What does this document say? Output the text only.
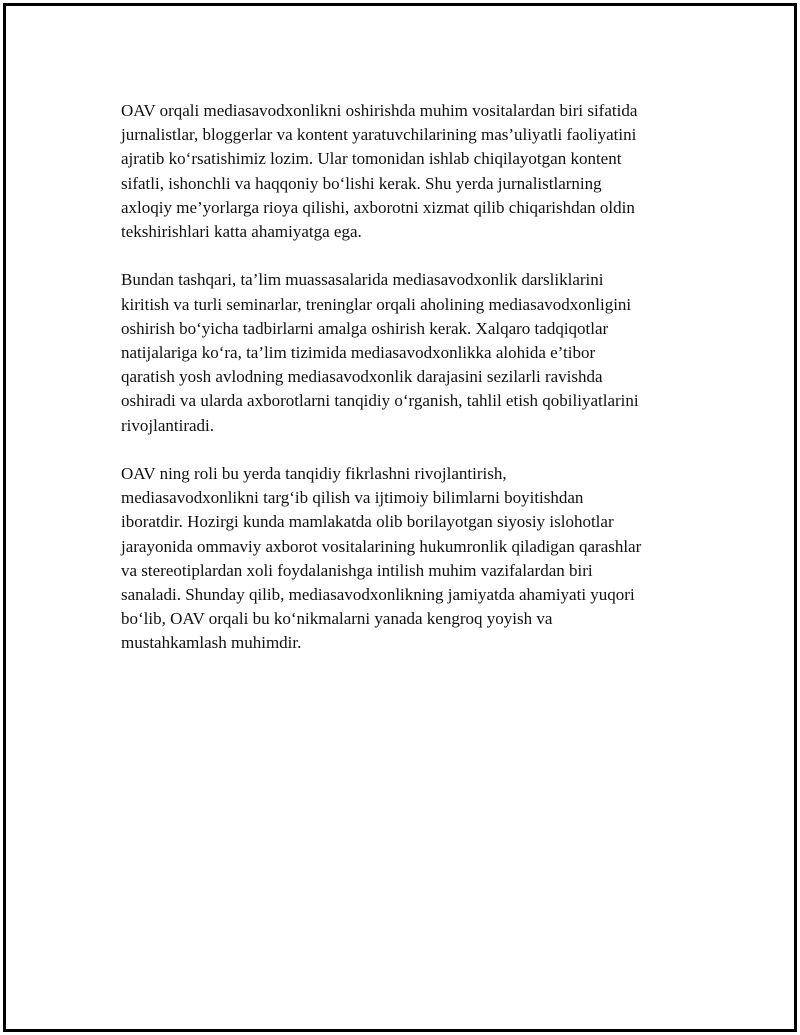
OAV orqali mediasavodxonlikni oshirishda muhim vositalardan biri sifatida
jurnalistlar, bloggerlar va kontent yaratuvchilarining mas’uliyatli faoliyatini
ajratib ko‘rsatishimiz lozim. Ular tomonidan ishlab chiqilayotgan kontent
sifatli, ishonchli va haqqoniy bo‘lishi kerak. Shu yerda jurnalistlarning
axloqiy me’yorlarga rioya qilishi, axborotni xizmat qilib chiqarishdan oldin
tekshirishlari katta ahamiyatga ega.

Bundan tashqari, ta’lim muassasalarida mediasavodxonlik darsliklarini
kiritish va turli seminarlar, treninglar orqali aholining mediasavodxonligini
oshirish bo‘yicha tadbirlarni amalga oshirish kerak. Xalqaro tadqiqotlar
natijalariga ko‘ra, ta’lim tizimida mediasavodxonlikka alohida e’tibor
qaratish yosh avlodning mediasavodxonlik darajasini sezilarli ravishda
oshiradi va ularda axborotlarni tanqidiy o‘rganish, tahlil etish qobiliyatlarini
rivojlantiradi.

OAV ning roli bu yerda tanqidiy fikrlashni rivojlantirish,
mediasavodxonlikni targ‘ib qilish va ijtimoiy bilimlarni boyitishdan
iboratdir. Hozirgi kunda mamlakatda olib borilayotgan siyosiy islohotlar
jarayonida ommaviy axborot vositalarining hukumronlik qiladigan qarashlar
va stereotiplardan xoli foydalanishga intilish muhim vazifalardan biri
sanaladi. Shunday qilib, mediasavodxonlikning jamiyatda ahamiyati yuqori
bo‘lib, OAV orqali bu ko‘nikmalarni yanada kengroq yoyish va
mustahkamlash muhimdir.
